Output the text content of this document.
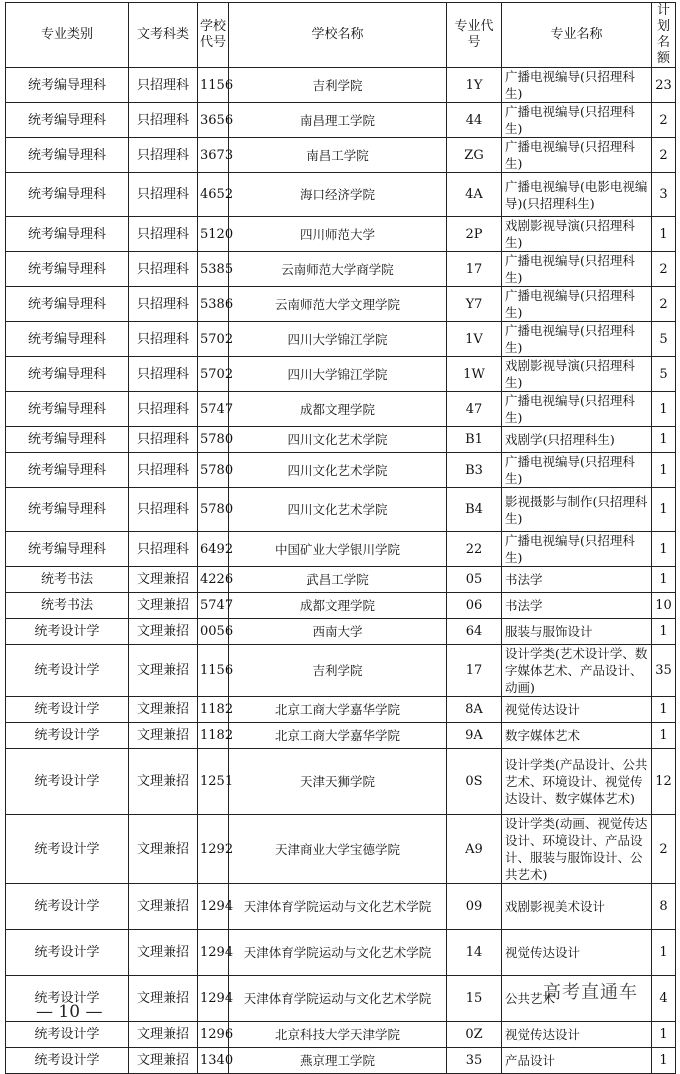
专业类别	文考科类	学校代号	学校名称	专业代号	专业名称	计划名额
统考编导理科	只招理科	1156	吉利学院	1Y	广播电视编导(只招理科生)	23
统考编导理科	只招理科	3656	南昌理工学院	44	广播电视编导(只招理科生)	2
统考编导理科	只招理科	3673	南昌工学院	ZG	广播电视编导(只招理科生)	2
统考编导理科	只招理科	4652	海口经济学院	4A	广播电视编导(电影电视编导)(只招理科生)	3
统考编导理科	只招理科	5120	四川师范大学	2P	戏剧影视导演(只招理科生)	1
统考编导理科	只招理科	5385	云南师范大学商学院	17	广播电视编导(只招理科生)	2
统考编导理科	只招理科	5386	云南师范大学文理学院	Y7	广播电视编导(只招理科生)	2
统考编导理科	只招理科	5702	四川大学锦江学院	1V	广播电视编导(只招理科生)	5
统考编导理科	只招理科	5702	四川大学锦江学院	1W	戏剧影视导演(只招理科生)	5
统考编导理科	只招理科	5747	成都文理学院	47	广播电视编导(只招理科生)	1
统考编导理科	只招理科	5780	四川文化艺术学院	B1	戏剧学(只招理科生)	1
统考编导理科	只招理科	5780	四川文化艺术学院	B3	广播电视编导(只招理科生)	1
统考编导理科	只招理科	5780	四川文化艺术学院	B4	影视摄影与制作(只招理科生)	1
统考编导理科	只招理科	6492	中国矿业大学银川学院	22	广播电视编导(只招理科生)	1
统考书法	文理兼招	4226	武昌工学院	05	书法学	1
统考书法	文理兼招	5747	成都文理学院	06	书法学	10
统考设计学	文理兼招	0056	西南大学	64	服装与服饰设计	1
统考设计学	文理兼招	1156	吉利学院	17	设计学类(艺术设计学、数字媒体艺术、产品设计、动画)	35
统考设计学	文理兼招	1182	北京工商大学嘉华学院	8A	视觉传达设计	1
统考设计学	文理兼招	1182	北京工商大学嘉华学院	9A	数字媒体艺术	1
统考设计学	文理兼招	1251	天津天狮学院	0S	设计学类(产品设计、公共艺术、环境设计、视觉传达设计、数字媒体艺术)	12
统考设计学	文理兼招	1292	天津商业大学宝德学院	A9	设计学类(动画、视觉传达设计、环境设计、产品设计、服装与服饰设计、公共艺术)	2
统考设计学	文理兼招	1294	天津体育学院运动与文化艺术学院	09	戏剧影视美术设计	8
统考设计学	文理兼招	1294	天津体育学院运动与文化艺术学院	14	视觉传达设计	1
统考设计学	文理兼招	1294	天津体育学院运动与文化艺术学院	15	公共艺术	4
统考设计学	文理兼招	1296	北京科技大学天津学院	0Z	视觉传达设计	1
统考设计学	文理兼招	1340	燕京理工学院	35	产品设计	1
高考直通车
— 10 —
